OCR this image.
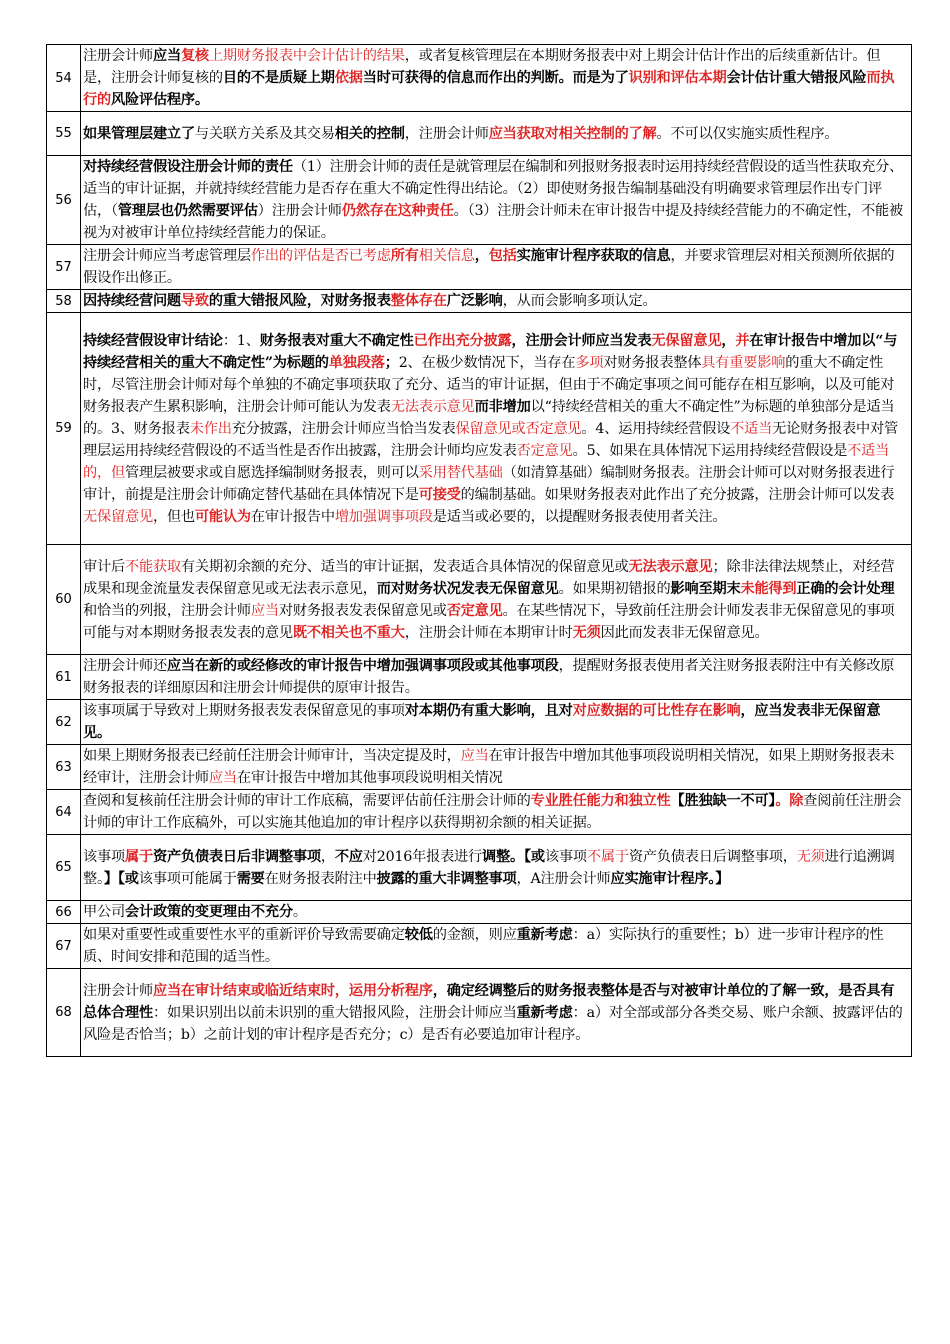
54	注册会计师应当复核上期财务报表中会计估计的结果，或者复核管理层在本期财务报表中对上期会计估计作出的后续重新估计。但是，注册会计师复核的目的不是质疑上期依据当时可获得的信息而作出的判断。而是为了识别和评估本期会计估计重大错报风险而执行的风险评估程序。

55	如果管理层建立了与关联方关系及其交易相关的控制，注册会计师应当获取对相关控制的了解。不可以仅实施实质性程序。

56	对持续经营假设注册会计师的责任（1）注册会计师的责任是就管理层在编制和列报财务报表时运用持续经营假设的适当性获取充分、适当的审计证据，并就持续经营能力是否存在重大不确定性得出结论。（2）即使财务报告编制基础没有明确要求管理层作出专门评估，（管理层也仍然需要评估）注册会计师仍然存在这种责任。（3）注册会计师未在审计报告中提及持续经营能力的不确定性，不能被视为对被审计单位持续经营能力的保证。

57	注册会计师应当考虑管理层作出的评估是否已考虑所有相关信息，包括实施审计程序获取的信息，并要求管理层对相关预测所依据的假设作出修正。

58	因持续经营问题导致的重大错报风险，对财务报表整体存在广泛影响，从而会影响多项认定。

59	持续经营假设审计结论：1、财务报表对重大不确定性已作出充分披露，注册会计师应当发表无保留意见，并在审计报告中增加以“与持续经营相关的重大不确定性”为标题的单独段落；2、在极少数情况下，当存在多项对财务报表整体具有重要影响的重大不确定性时，尽管注册会计师对每个单独的不确定事项获取了充分、适当的审计证据，但由于不确定事项之间可能存在相互影响，以及可能对财务报表产生累积影响，注册会计师可能认为发表无法表示意见而非增加以“持续经营相关的重大不确定性”为标题的单独部分是适当的。3、财务报表未作出充分披露，注册会计师应当恰当发表保留意见或否定意见。4、运用持续经营假设不适当无论财务报表中对管理层运用持续经营假设的不适当性是否作出披露，注册会计师均应发表否定意见。5、如果在具体情况下运用持续经营假设是不适当的，但管理层被要求或自愿选择编制财务报表，则可以采用替代基础（如清算基础）编制财务报表。注册会计师可以对财务报表进行审计，前提是注册会计师确定替代基础在具体情况下是可接受的编制基础。如果财务报表对此作出了充分披露，注册会计师可以发表无保留意见，但也可能认为在审计报告中增加强调事项段是适当或必要的，以提醒财务报表使用者关注。

60	审计后不能获取有关期初余额的充分、适当的审计证据，发表适合具体情况的保留意见或无法表示意见；除非法律法规禁止，对经营成果和现金流量发表保留意见或无法表示意见，而对财务状况发表无保留意见。如果期初错报的影响至期末未能得到正确的会计处理和恰当的列报，注册会计师应当对财务报表发表保留意见或否定意见。在某些情况下，导致前任注册会计师发表非无保留意见的事项可能与对本期财务报表发表的意见既不相关也不重大，注册会计师在本期审计时无须因此而发表非无保留意见。

61	注册会计师还应当在新的或经修改的审计报告中增加强调事项段或其他事项段，提醒财务报表使用者关注财务报表附注中有关修改原财务报表的详细原因和注册会计师提供的原审计报告。

62	该事项属于导致对上期财务报表发表保留意见的事项对本期仍有重大影响，且对对应数据的可比性存在影响，应当发表非无保留意见。

63	如果上期财务报表已经前任注册会计师审计，当决定提及时，应当在审计报告中增加其他事项段说明相关情况，如果上期财务报表未经审计，注册会计师应当在审计报告中增加其他事项段说明相关情况

64	查阅和复核前任注册会计师的审计工作底稿，需要评估前任注册会计师的专业胜任能力和独立性【胜独缺一不可】。除查阅前任注册会计师的审计工作底稿外，可以实施其他追加的审计程序以获得期初余额的相关证据。

65	该事项属于资产负债表日后非调整事项，不应对2016年报表进行调整。【或该事项不属于资产负债表日后调整事项，无须进行追溯调整。】【或该事项可能属于需要在财务报表附注中披露的重大非调整事项，A注册会计师应实施审计程序。】

66	甲公司会计政策的变更理由不充分。

67	如果对重要性或重要性水平的重新评价导致需要确定较低的金额，则应重新考虑：a）实际执行的重要性；b）进一步审计程序的性质、时间安排和范围的适当性。

68	注册会计师应当在审计结束或临近结束时，运用分析程序，确定经调整后的财务报表整体是否与对被审计单位的了解一致，是否具有总体合理性：如果识别出以前未识别的重大错报风险，注册会计师应当重新考虑：a）对全部或部分各类交易、账户余额、披露评估的风险是否恰当；b）之前计划的审计程序是否充分；c）是否有必要追加审计程序。
